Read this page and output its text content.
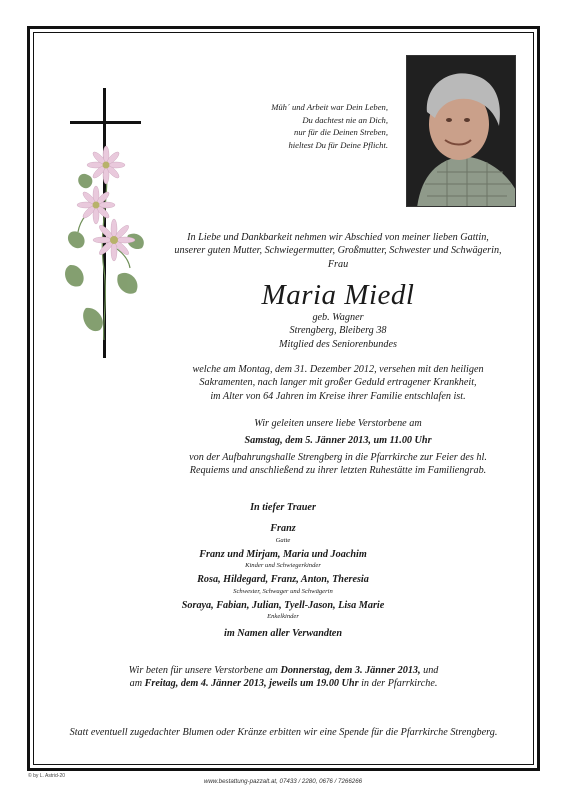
Müh´ und Arbeit war Dein Leben,
Du dachtest nie an Dich,
nur für die Deinen Streben,
hieltest Du für Deine Pflicht.
In Liebe und Dankbarkeit nehmen wir Abschied von meiner lieben Gattin,
unserer guten Mutter, Schwiegermutter, Großmutter, Schwester und Schwägerin,
Frau
Maria Miedl
geb. Wagner
Strengberg, Bleiberg 38
Mitglied des Seniorenbundes
welche am Montag, dem 31. Dezember 2012, versehen mit den heiligen
Sakramenten, nach langer mit großer Geduld ertragener Krankheit,
im Alter von 64 Jahren im Kreise ihrer Familie entschlafen ist.
Wir geleiten unsere liebe Verstorbene am
Samstag, dem 5. Jänner 2013, um 11.00 Uhr
von der Aufbahrungshalle Strengberg in die Pfarrkirche zur Feier des hl.
Requiems und anschließend zu ihrer letzten Ruhestätte im Familiengrab.
In tiefer Trauer
Franz
Gatte
Franz und Mirjam, Maria und Joachim
Kinder und Schwiegerkinder
Rosa, Hildegard, Franz, Anton, Theresia
Schwester, Schwager und Schwägerin
Soraya, Fabian, Julian, Tyell-Jason, Lisa Marie
Enkelkinder
im Namen aller Verwandten
Wir beten für unsere Verstorbene am Donnerstag, dem 3. Jänner 2013, und
am Freitag, dem 4. Jänner 2013, jeweils um 19.00 Uhr in der Pfarrkirche.
Statt eventuell zugedachter Blumen oder Kränze erbitten wir eine Spende für die Pfarrkirche Strengberg.
© by L. Astrid-20
www.bestattung-pazzalt.at, 07433 / 2280, 0676 / 7266266
